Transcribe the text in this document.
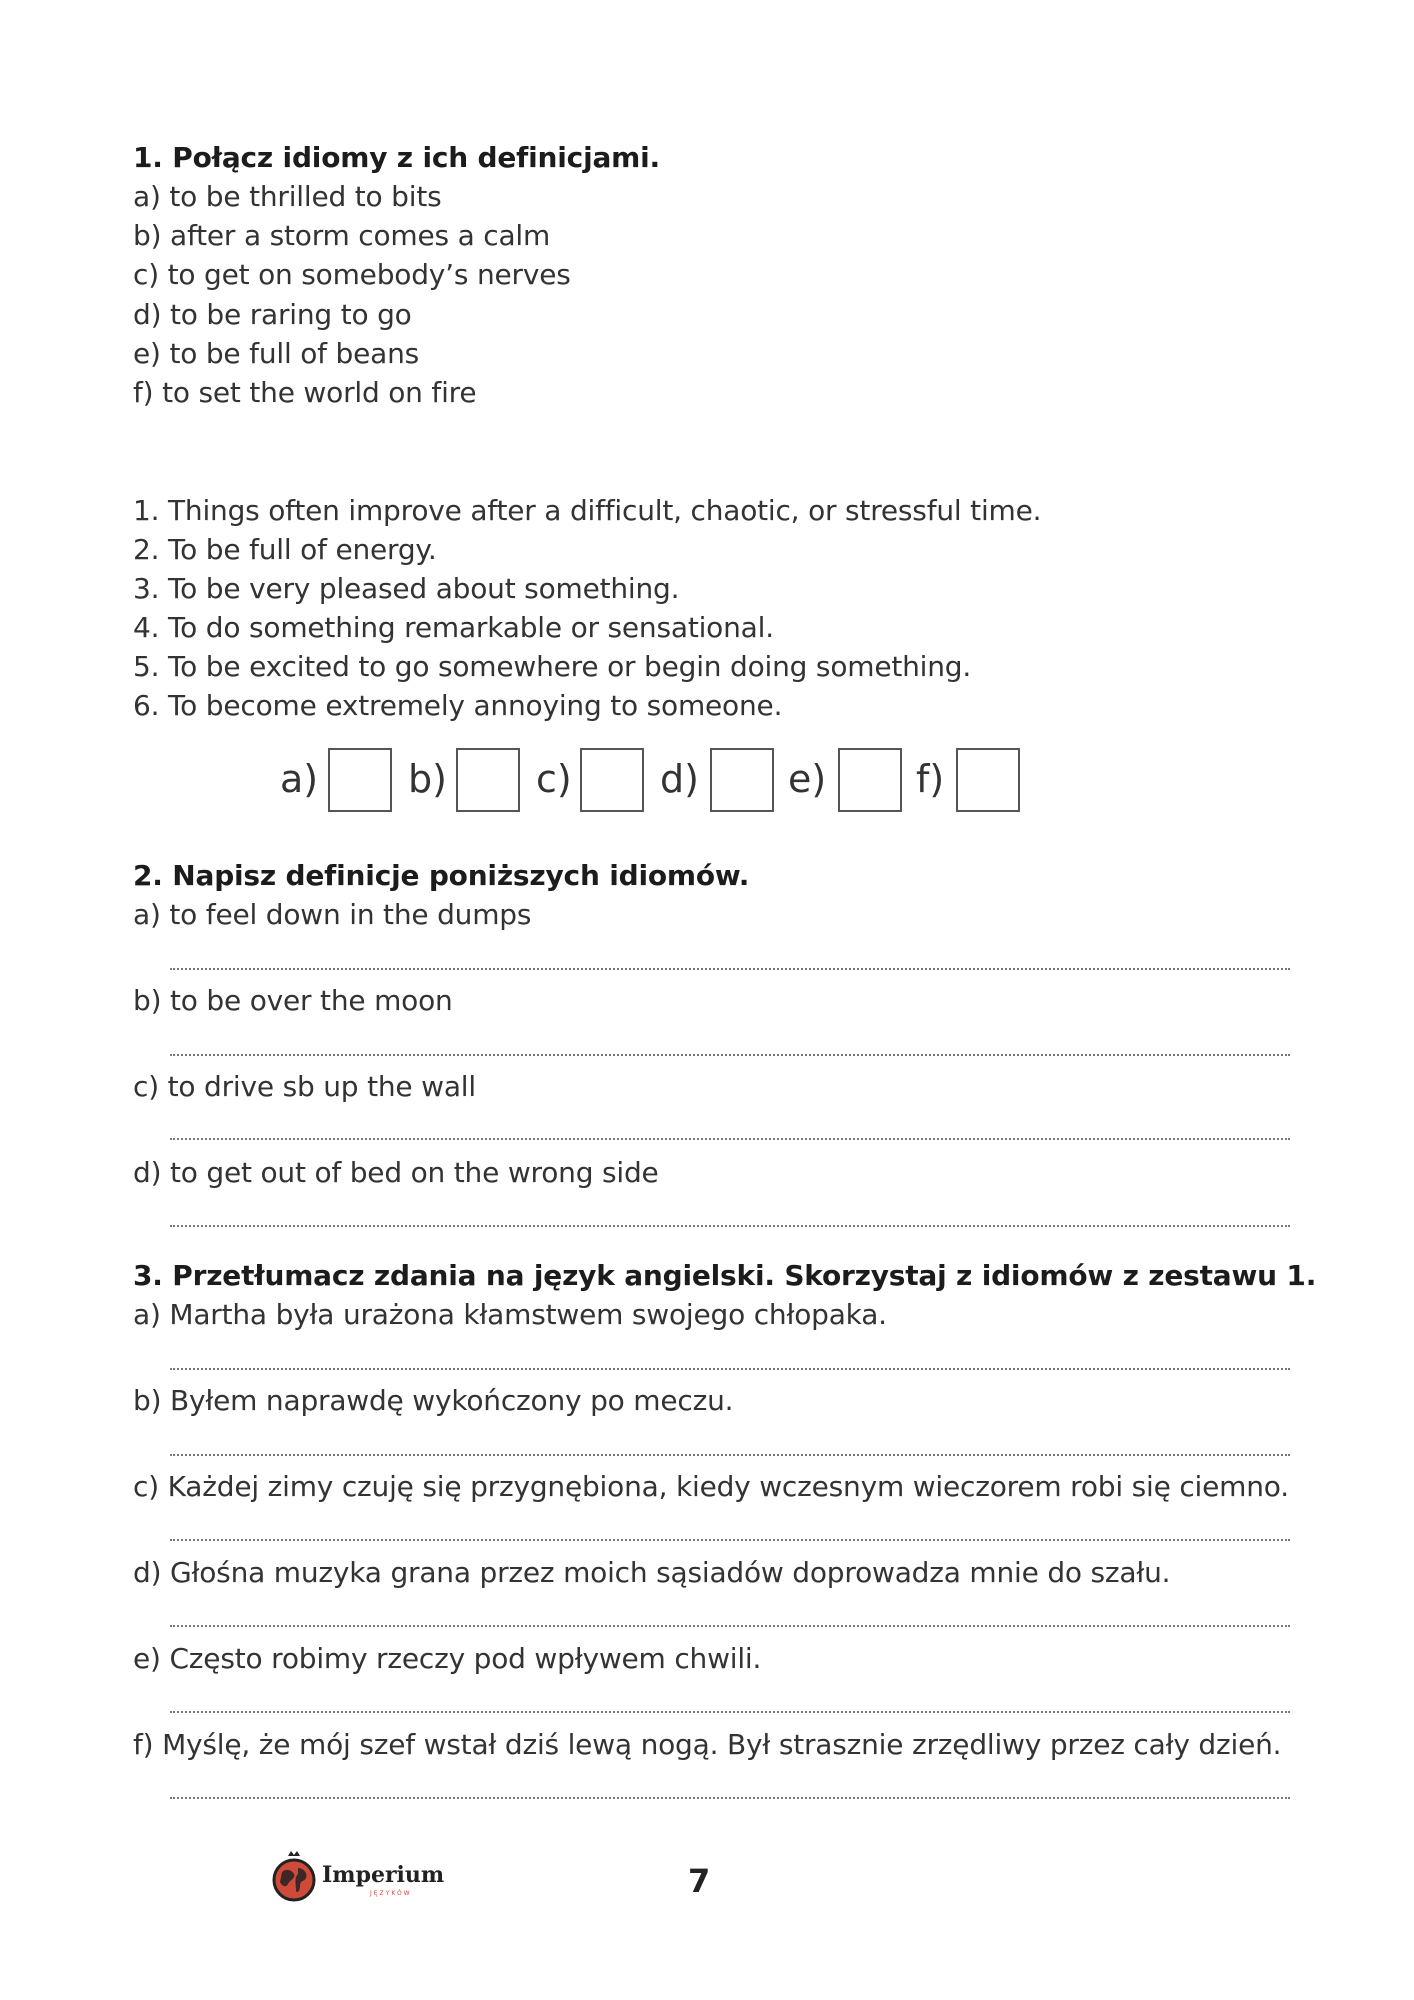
1. Połącz idiomy z ich definicjami.
a) to be thrilled to bits
b) after a storm comes a calm
c) to get on somebody’s nerves
d) to be raring to go
e) to be full of beans
f) to set the world on fire
1. Things often improve after a difficult, chaotic, or stressful time.
2. To be full of energy.
3. To be very pleased about something.
4. To do something remarkable or sensational.
5. To be excited to go somewhere or begin doing something.
6. To become extremely annoying to someone.
a) b) c) d) e) f)
2. Napisz definicje poniższych idiomów.
a) to feel down in the dumps
b) to be over the moon
c) to drive sb up the wall
d) to get out of bed on the wrong side
3. Przetłumacz zdania na język angielski. Skorzystaj z idiomów z zestawu 1.
a) Martha była urażona kłamstwem swojego chłopaka.
b) Byłem naprawdę wykończony po meczu.
c) Każdej zimy czuję się przygnębiona, kiedy wczesnym wieczorem robi się ciemno.
d) Głośna muzyka grana przez moich sąsiadów doprowadza mnie do szału.
e) Często robimy rzeczy pod wpływem chwili.
f) Myślę, że mój szef wstał dziś lewą nogą. Był strasznie zrzędliwy przez cały dzień.
Imperium
JĘZYKÓW	7
